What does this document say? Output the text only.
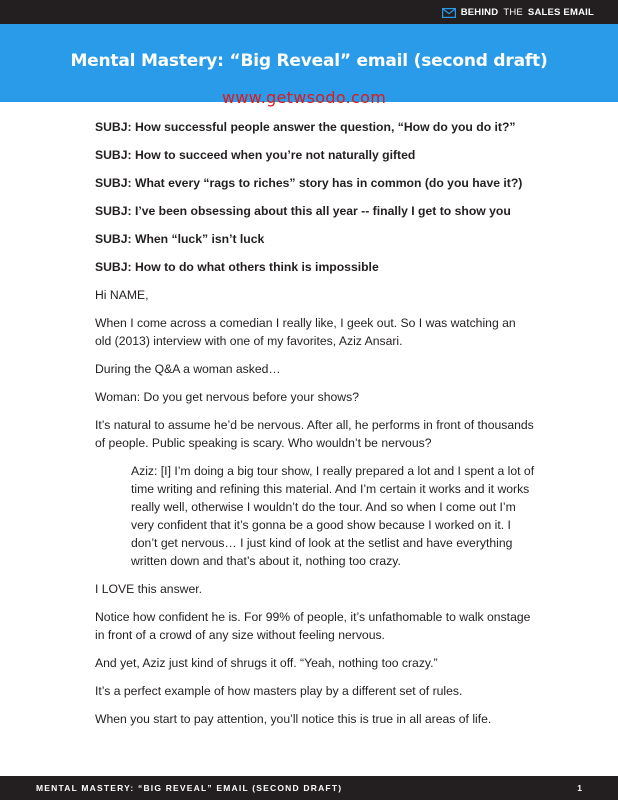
BEHIND THE SALES EMAIL
Mental Mastery: “Big Reveal” email (second draft)
www.getwsodo.com

SUBJ: How successful people answer the question, “How do you do it?”

SUBJ: How to succeed when you’re not naturally gifted

SUBJ: What every “rags to riches” story has in common (do you have it?)

SUBJ: I’ve been obsessing about this all year -- finally I get to show you

SUBJ: When “luck” isn’t luck

SUBJ: How to do what others think is impossible

Hi NAME,

When I come across a comedian I really like, I geek out. So I was watching an old (2013) interview with one of my favorites, Aziz Ansari.

During the Q&A a woman asked…

Woman: Do you get nervous before your shows?

It’s natural to assume he’d be nervous. After all, he performs in front of thousands of people. Public speaking is scary. Who wouldn’t be nervous?

Aziz: [I] I’m doing a big tour show, I really prepared a lot and I spent a lot of time writing and refining this material. And I’m certain it works and it works really well, otherwise I wouldn’t do the tour. And so when I come out I’m very confident that it’s gonna be a good show because I worked on it. I don’t get nervous… I just kind of look at the setlist and have everything written down and that’s about it, nothing too crazy.

I LOVE this answer.

Notice how confident he is. For 99% of people, it’s unfathomable to walk onstage in front of a crowd of any size without feeling nervous.

And yet, Aziz just kind of shrugs it off. “Yeah, nothing too crazy.”

It’s a perfect example of how masters play by a different set of rules.

When you start to pay attention, you’ll notice this is true in all areas of life.

MENTAL MASTERY: “BIG REVEAL” EMAIL (SECOND DRAFT)	1
